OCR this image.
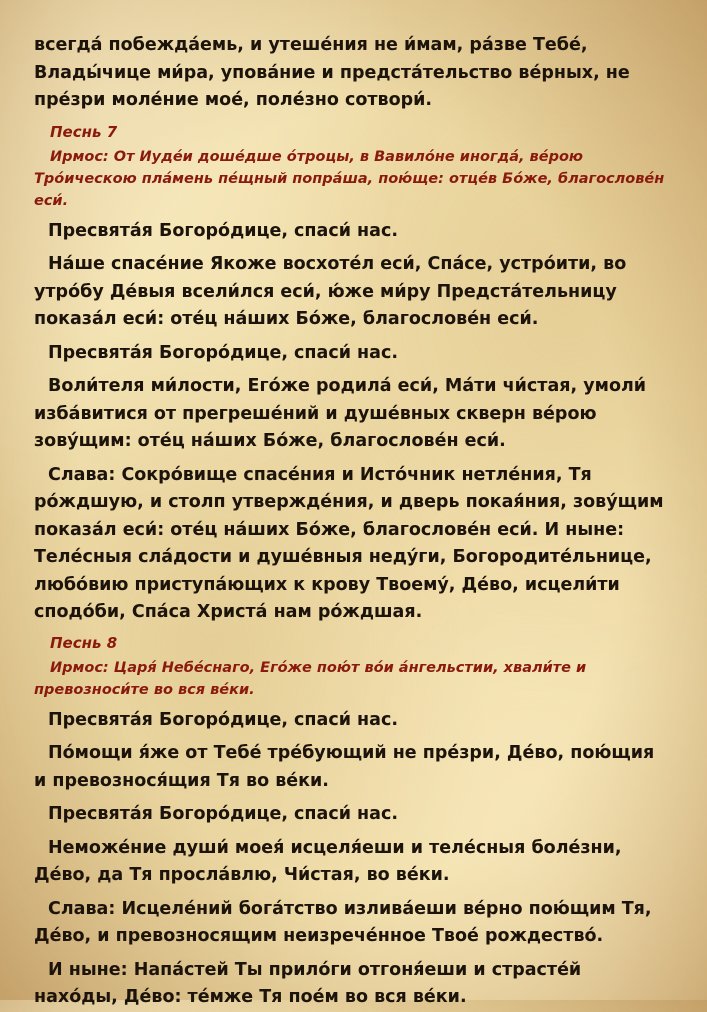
всегда́ побежда́емь, и утеше́ния не и́мам, ра́зве Тебе́, Влады́чице ми́ра, упова́ние и предста́тельство ве́рных, не пре́зри моле́ние мое́, поле́зно сотвори́.

Песнь 7
Ирмос: От Иуде́и доше́дше о́троцы, в Вавило́не иногда́, ве́рою Тро́ическою пла́мень пе́щный попра́ша, пою́ще: отце́в Бо́же, благослове́н еси́.

Пресвята́я Богоро́дице, спаси́ нас.

На́ше спасе́ние Якоже восхоте́л еси́, Спа́се, устро́ити, во утро́бу Де́выя всели́лся еси́, ю́же ми́ру Предста́тельницу показа́л еси́: оте́ц на́ших Бо́же, благослове́н еси́.

Пресвята́я Богоро́дице, спаси́ нас.

Воли́теля ми́лости, Его́же родила́ еси́, Ма́ти чи́стая, умоли́ изба́витися от прегреше́ний и душе́вных скверн ве́рою зову́щим: оте́ц на́ших Бо́же, благослове́н еси́.

Слава: Сокро́вище спасе́ния и Исто́чник нетле́ния, Тя ро́ждшую, и столп утвержде́ния, и дверь покая́ния, зову́щим показа́л еси́: оте́ц на́ших Бо́же, благослове́н еси́. И ныне: Теле́сныя сла́дости и душе́вныя неду́ги, Богородите́льнице, любо́вию приступа́ющих к крову Твоему́, Де́во, исцели́ти сподо́би, Спа́са Христа́ нам ро́ждшая.

Песнь 8
Ирмос: Царя́ Небе́снаго, Его́же пою́т во́и а́нгельстии, хвали́те и превозноси́те во вся ве́ки.

Пресвята́я Богоро́дице, спаси́ нас.

По́мощи я́же от Тебе́ тре́бующий не пре́зри, Де́во, пою́щия и превознося́щия Тя во ве́ки.

Пресвята́я Богоро́дице, спаси́ нас.

Неможе́ние души́ моея́ исцеля́еши и теле́сныя боле́зни, Де́во, да Тя просла́влю, Чи́стая, во ве́ки.

Слава: Исцеле́ний бога́тство излива́еши ве́рно пою́щим Тя, Де́во, и превозносящим неизрече́нное Твое́ рождество́.

И ныне: Напа́стей Ты прило́ги отгоня́еши и страсте́й нахо́ды, Де́во: те́мже Тя пое́м во вся ве́ки.
